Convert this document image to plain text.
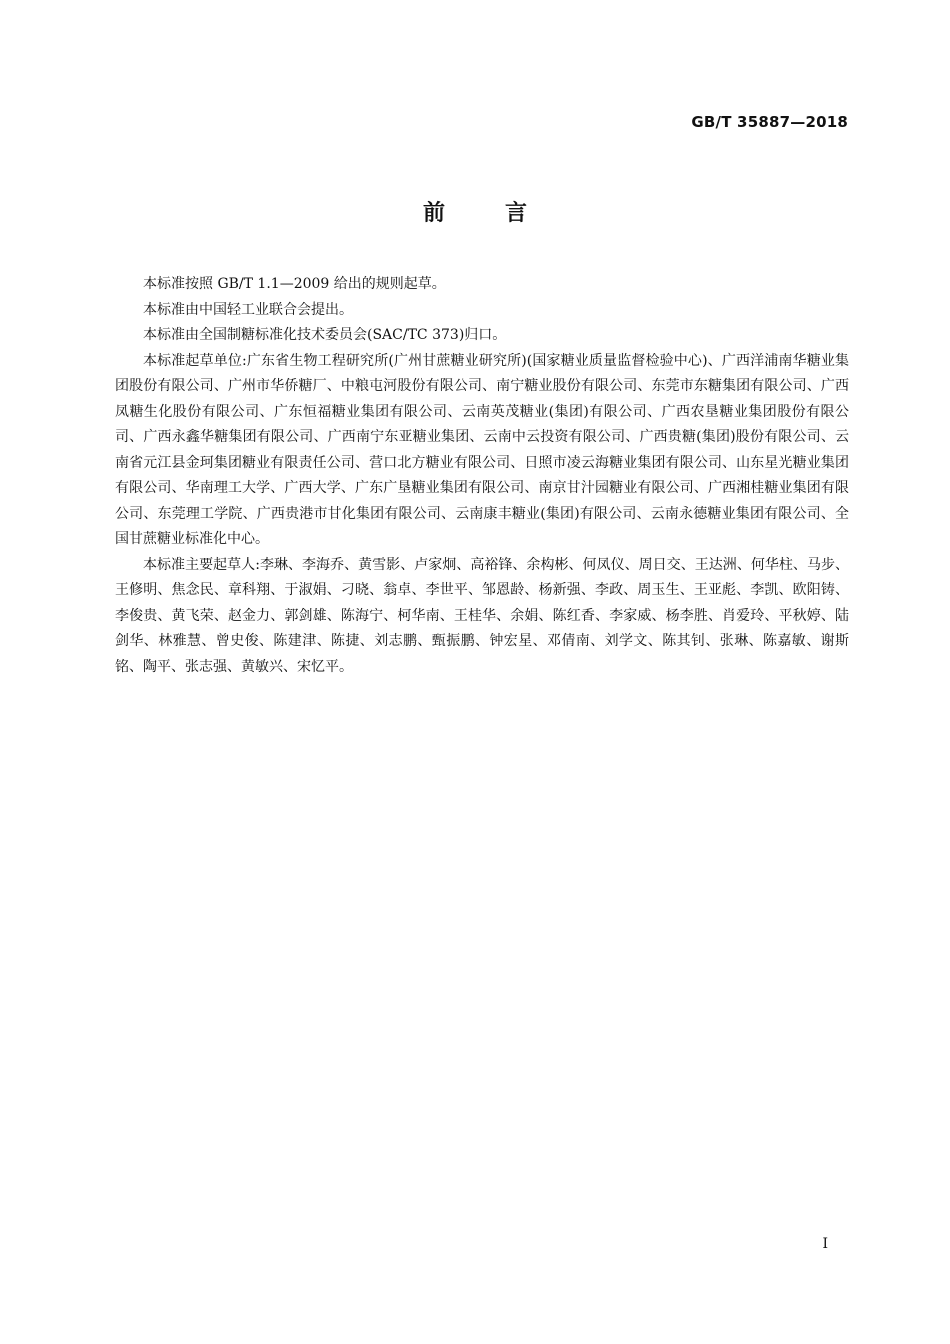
GB/T 35887—2018
前言

本标准按照 GB/T 1.1—2009 给出的规则起草。

本标准由中国轻工业联合会提出。

本标准由全国制糖标准化技术委员会(SAC/TC 373)归口。

本标准起草单位:广东省生物工程研究所(广州甘蔗糖业研究所)(国家糖业质量监督检验中心)、广西洋浦南华糖业集团股份有限公司、广州市华侨糖厂、中粮屯河股份有限公司、南宁糖业股份有限公司、东莞市东糖集团有限公司、广西凤糖生化股份有限公司、广东恒福糖业集团有限公司、云南英茂糖业(集团)有限公司、广西农垦糖业集团股份有限公司、广西永鑫华糖集团有限公司、广西南宁东亚糖业集团、云南中云投资有限公司、广西贵糖(集团)股份有限公司、云南省元江县金珂集团糖业有限责任公司、营口北方糖业有限公司、日照市凌云海糖业集团有限公司、山东星光糖业集团有限公司、华南理工大学、广西大学、广东广垦糖业集团有限公司、南京甘汁园糖业有限公司、广西湘桂糖业集团有限公司、东莞理工学院、广西贵港市甘化集团有限公司、云南康丰糖业(集团)有限公司、云南永德糖业集团有限公司、全国甘蔗糖业标准化中心。

本标准主要起草人:李琳、李海乔、黄雪影、卢家炯、高裕锋、余构彬、何凤仪、周日交、王达洲、何华柱、马步、王修明、焦念民、章科翔、于淑娟、刁晓、翁卓、李世平、邹恩龄、杨新强、李政、周玉生、王亚彪、李凯、欧阳铸、李俊贵、黄飞荣、赵金力、郭剑雄、陈海宁、柯华南、王桂华、余娟、陈红香、李家威、杨李胜、肖爱玲、平秋婷、陆剑华、林雅慧、曾史俊、陈建津、陈捷、刘志鹏、甄振鹏、钟宏星、邓倩南、刘学文、陈其钊、张琳、陈嘉敏、谢斯铭、陶平、张志强、黄敏兴、宋忆平。

I
